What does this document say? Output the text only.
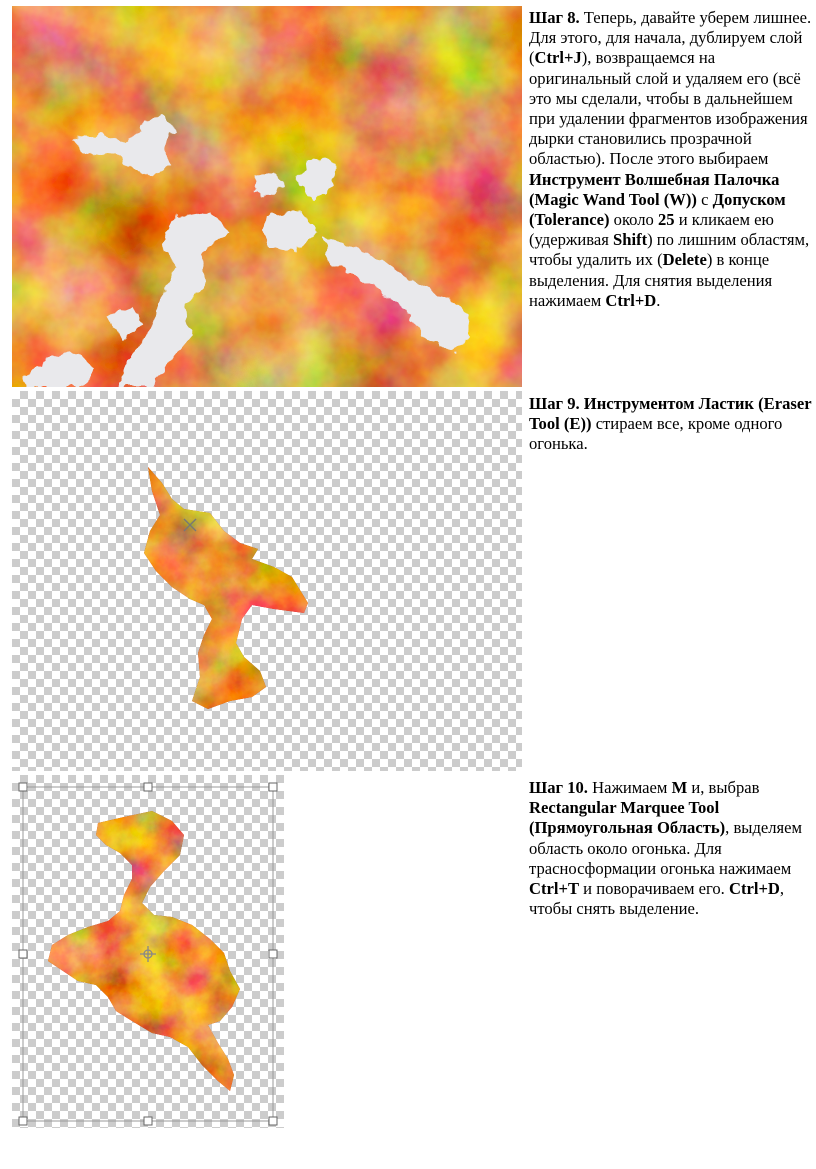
Шаг 8. Теперь, давайте уберем лишнее. Для этого, для начала, дублируем слой (Ctrl+J), возвращаемся на оригинальный слой и удаляем его (всё это мы сделали, чтобы в дальнейшем при удалении фрагментов изображения дырки становились прозрачной областью). После этого выбираем Инструмент Волшебная Палочка (Magic Wand Tool (W)) с Допуском (Tolerance) около 25 и кликаем ею (удерживая Shift) по лишним областям, чтобы удалить их (Delete) в конце выделения. Для снятия выделения нажимаем Ctrl+D.
Шаг 9. Инструментом Ластик (Eraser Tool (E)) стираем все, кроме одного огонька.
Шаг 10. Нажимаем M и, выбрав Rectangular Marquee Tool (Прямоугольная Область), выделяем область около огонька. Для трасносформации огонька нажимаем Ctrl+T и поворачиваем его. Ctrl+D, чтобы снять выделение.
